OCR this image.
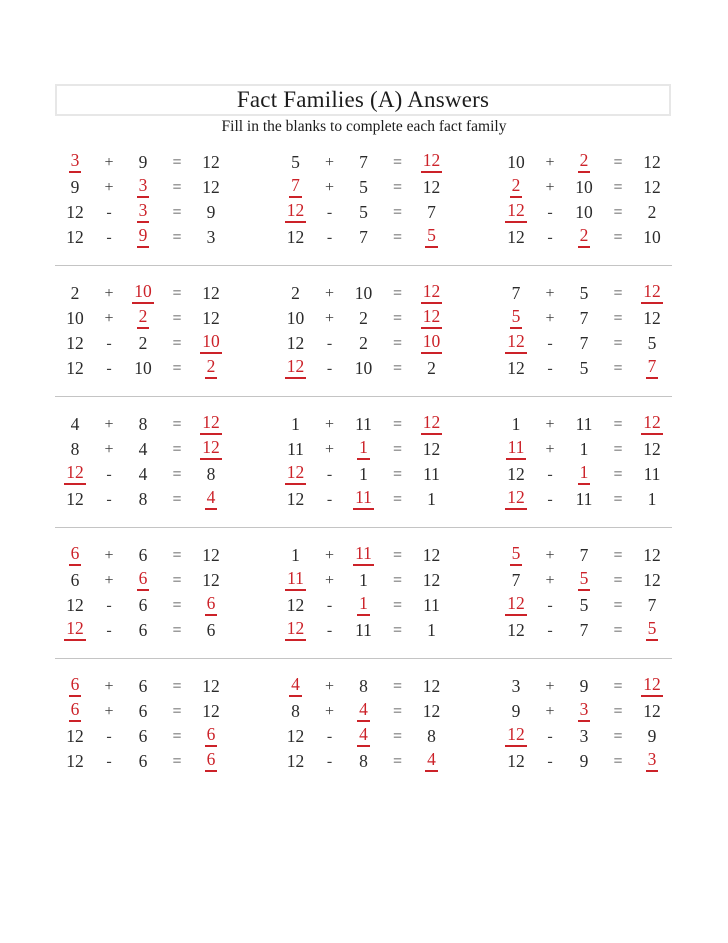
Fact Families (A) Answers
Fill in the blanks to complete each fact family
3	+	9	=	12
9	+	3	=	12
12	-	3	=	9
12	-	9	=	3
5	+	7	=	12
7	+	5	=	12
12	-	5	=	7
12	-	7	=	5
10	+	2	=	12
2	+	10	=	12
12	-	10	=	2
12	-	2	=	10
2	+	10	=	12
10	+	2	=	12
12	-	2	=	10
12	-	10	=	2
2	+	10	=	12
10	+	2	=	12
12	-	2	=	10
12	-	10	=	2
7	+	5	=	12
5	+	7	=	12
12	-	7	=	5
12	-	5	=	7
4	+	8	=	12
8	+	4	=	12
12	-	4	=	8
12	-	8	=	4
1	+	11	=	12
11	+	1	=	12
12	-	1	=	11
12	-	11	=	1
1	+	11	=	12
11	+	1	=	12
12	-	1	=	11
12	-	11	=	1
6	+	6	=	12
6	+	6	=	12
12	-	6	=	6
12	-	6	=	6
1	+	11	=	12
11	+	1	=	12
12	-	1	=	11
12	-	11	=	1
5	+	7	=	12
7	+	5	=	12
12	-	5	=	7
12	-	7	=	5
6	+	6	=	12
6	+	6	=	12
12	-	6	=	6
12	-	6	=	6
4	+	8	=	12
8	+	4	=	12
12	-	4	=	8
12	-	8	=	4
3	+	9	=	12
9	+	3	=	12
12	-	3	=	9
12	-	9	=	3
